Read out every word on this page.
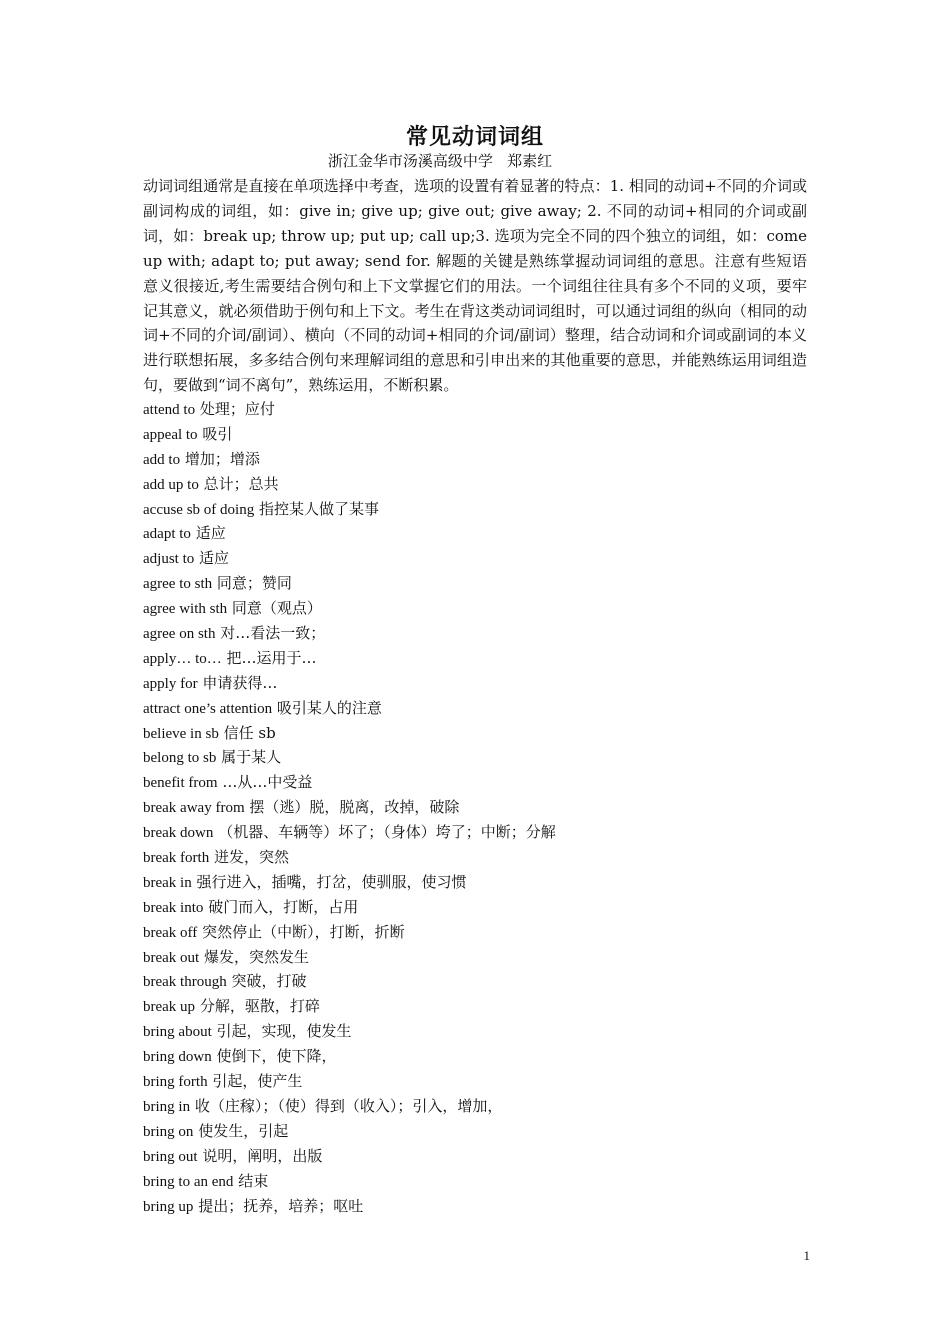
常见动词词组
浙江金华市汤溪高级中学   郑素红

动词词组通常是直接在单项选择中考查，选项的设置有着显著的特点：1. 相同的动词+不同的介词或副词构成的词组，如：give in; give up; give out; give away; 2. 不同的动词+相同的介词或副词，如：break up; throw up; put up; call up;3. 选项为完全不同的四个独立的词组，如：come up with; adapt to; put away; send for. 解题的关键是熟练掌握动词词组的意思。注意有些短语意义很接近,考生需要结合例句和上下文掌握它们的用法。一个词组往往具有多个不同的义项，要牢记其意义，就必须借助于例句和上下文。考生在背这类动词词组时，可以通过词组的纵向（相同的动词+不同的介词/副词）、横向（不同的动词+相同的介词/副词）整理，结合动词和介词或副词的本义进行联想拓展，多多结合例句来理解词组的意思和引申出来的其他重要的意思，并能熟练运用词组造句，要做到“词不离句”，熟练运用，不断积累。

attend to 处理；应付
appeal to 吸引
add to 增加；增添
add up to 总计；总共
accuse sb of doing 指控某人做了某事
adapt to 适应
adjust to 适应
agree to sth 同意；赞同
agree with sth 同意（观点）
agree on sth 对…看法一致；
apply… to… 把…运用于…
apply for 申请获得…
attract one’s attention 吸引某人的注意
believe in sb 信任 sb
belong to sb 属于某人
benefit from …从…中受益
break away from 摆（逃）脱，脱离，改掉，破除
break down （机器、车辆等）坏了；（身体）垮了；中断；分解
break forth 迸发，突然
break in 强行进入，插嘴，打岔，使驯服，使习惯
break into 破门而入，打断，占用
break off 突然停止（中断），打断，折断
break out 爆发，突然发生
break through 突破，打破
break up 分解，驱散，打碎
bring about 引起，实现，使发生
bring down 使倒下，使下降，
bring forth 引起，使产生
bring in 收（庄稼）；（使）得到（收入）；引入，增加，
bring on 使发生，引起
bring out 说明，阐明，出版
bring to an end 结束
bring up 提出；抚养，培养；呕吐
1
